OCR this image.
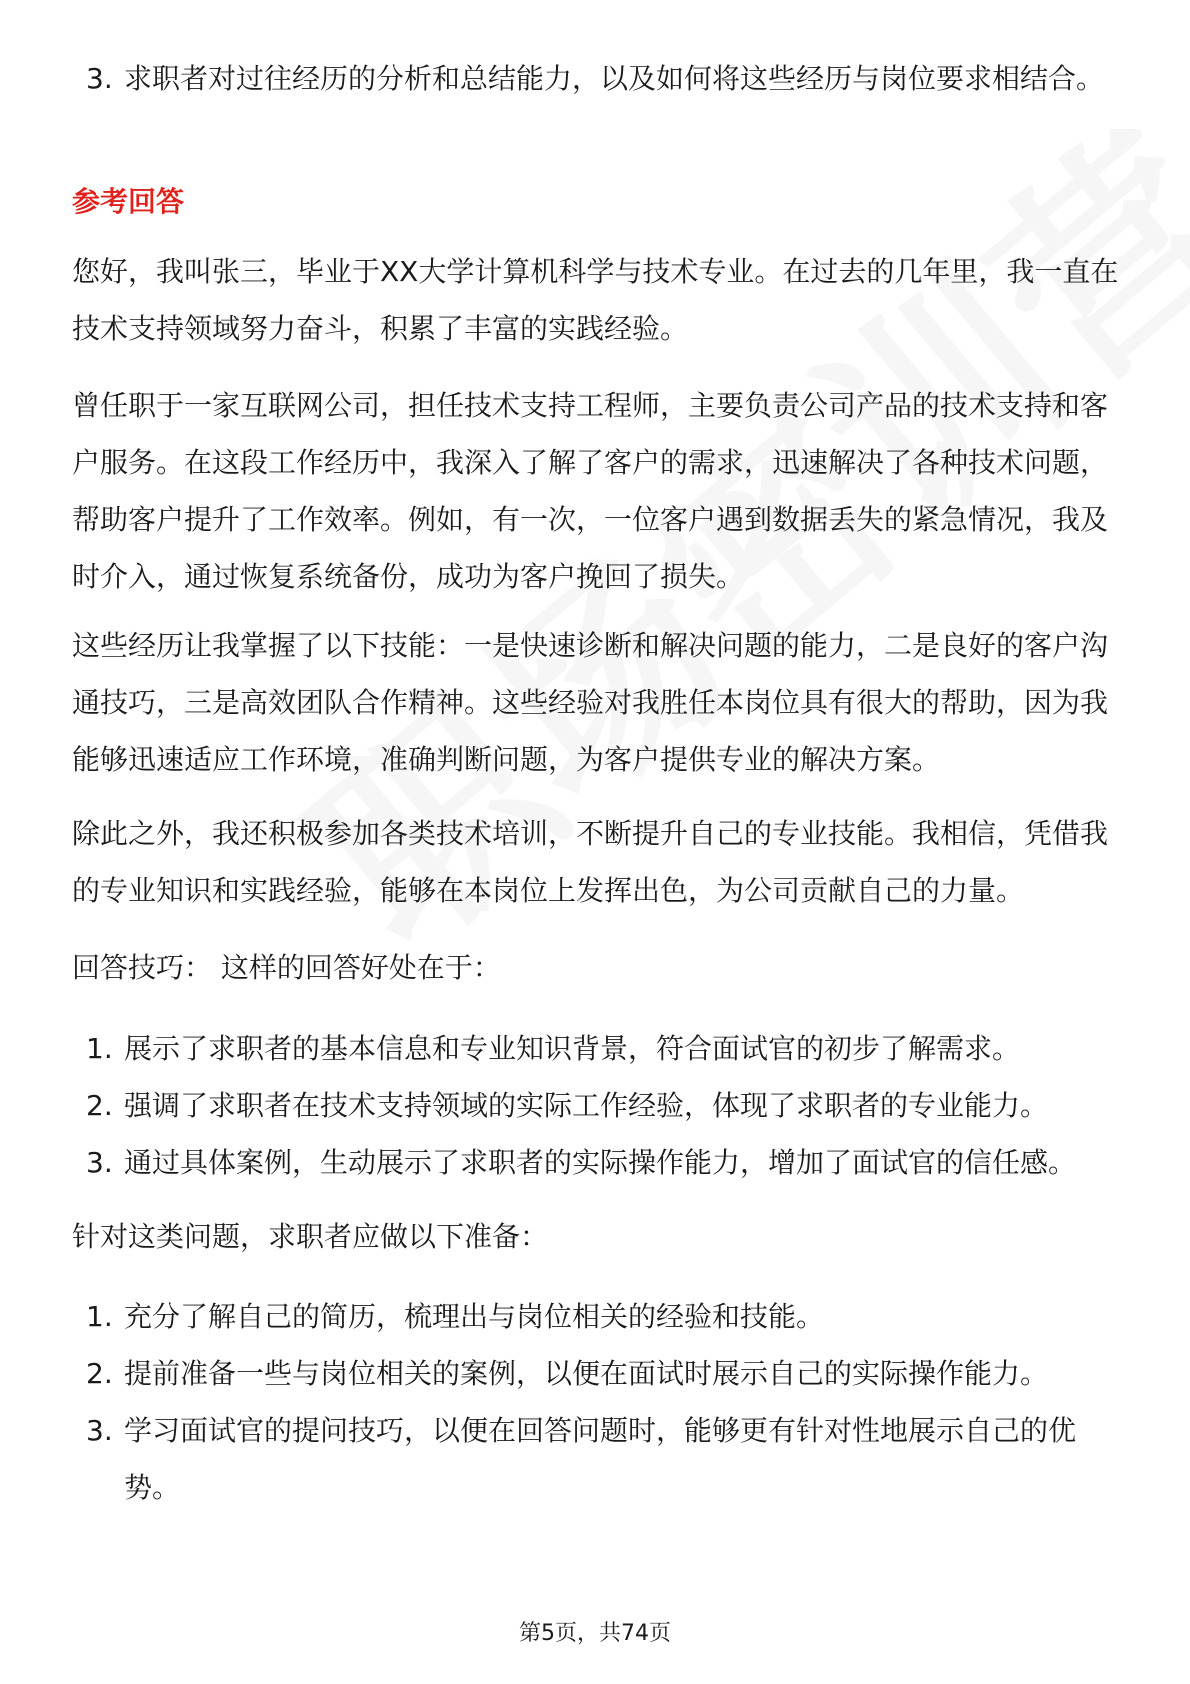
3. 求职者对过往经历的分析和总结能力，以及如何将这些经历与岗位要求相结合。

参考回答

您好，我叫张三，毕业于XX大学计算机科学与技术专业。在过去的几年里，我一直在技术支持领域努力奋斗，积累了丰富的实践经验。

曾任职于一家互联网公司，担任技术支持工程师，主要负责公司产品的技术支持和客户服务。在这段工作经历中，我深入了解了客户的需求，迅速解决了各种技术问题，帮助客户提升了工作效率。例如，有一次，一位客户遇到数据丢失的紧急情况，我及时介入，通过恢复系统备份，成功为客户挽回了损失。

这些经历让我掌握了以下技能：一是快速诊断和解决问题的能力，二是良好的客户沟通技巧，三是高效团队合作精神。这些经验对我胜任本岗位具有很大的帮助，因为我能够迅速适应工作环境，准确判断问题，为客户提供专业的解决方案。

除此之外，我还积极参加各类技术培训，不断提升自己的专业技能。我相信，凭借我的专业知识和实践经验，能够在本岗位上发挥出色，为公司贡献自己的力量。

回答技巧： 这样的回答好处在于：

1. 展示了求职者的基本信息和专业知识背景，符合面试官的初步了解需求。
2. 强调了求职者在技术支持领域的实际工作经验，体现了求职者的专业能力。
3. 通过具体案例，生动展示了求职者的实际操作能力，增加了面试官的信任感。

针对这类问题，求职者应做以下准备：

1. 充分了解自己的简历，梳理出与岗位相关的经验和技能。
2. 提前准备一些与岗位相关的案例，以便在面试时展示自己的实际操作能力。
3. 学习面试官的提问技巧，以便在回答问题时，能够更有针对性地展示自己的优势。
第5页，共74页
